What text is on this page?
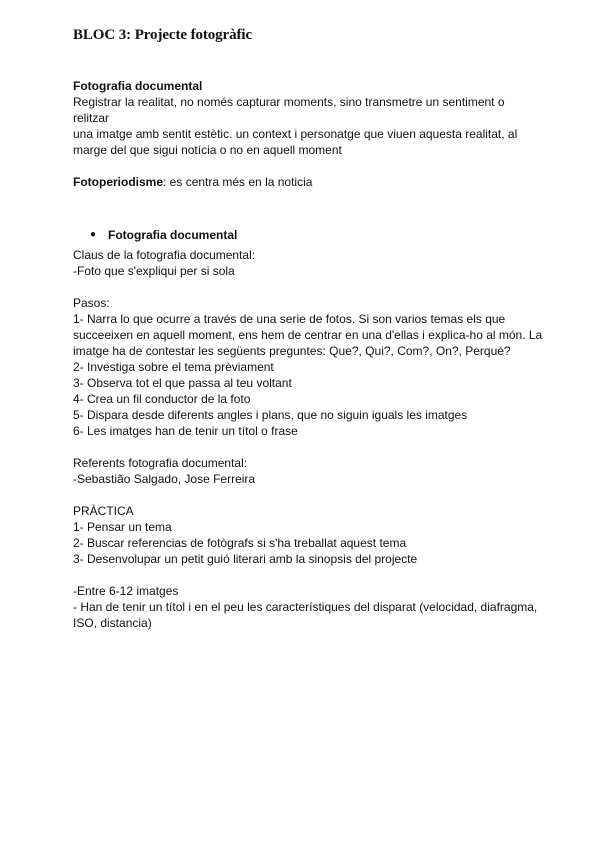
BLOC 3: Projecte fotogràfic

Fotografia documental

Registrar la realitat, no només capturar moments, sino transmetre un sentiment o relitzar

una imatge amb sentit estètic. un context i personatge que viuen aquesta realitat, al

marge del que sigui notícia o no en aquell moment

Fotoperiodisme: es centra més en la noticia

● Fotografia documental

Claus de la fotografia documental:

-Foto que s'expliqui per si sola

Pasos:

1- Narra lo que ocurre a través de una serie de fotos. Si son varios temas els que

succeeixen en aquell moment, ens hem de centrar en una d'ellas i explica-ho al món. La

imatge ha de contestar les següents preguntes: Que?, Qui?, Com?, On?, Perquè?

2- Investiga sobre el tema prèviament

3- Observa tot el que passa al teu voltant

4- Crea un fil conductor de la foto

5- Dispara desde diferents angles i plans, que no siguin iguals les imatges

6- Les imatges han de tenir un títol o frase

Referents fotografia documental:

-Sebastião Salgado, Jose Ferreira

PRÀCTICA

1- Pensar un tema

2- Buscar referencias de fotògrafs si s'ha treballat aquest tema

3- Desenvolupar un petit guió literari amb la sinopsis del projecte

-Entre 6-12 imatges

- Han de tenir un títol i en el peu les característiques del disparat (velocidad, diafragma,

ISO, distancia)
